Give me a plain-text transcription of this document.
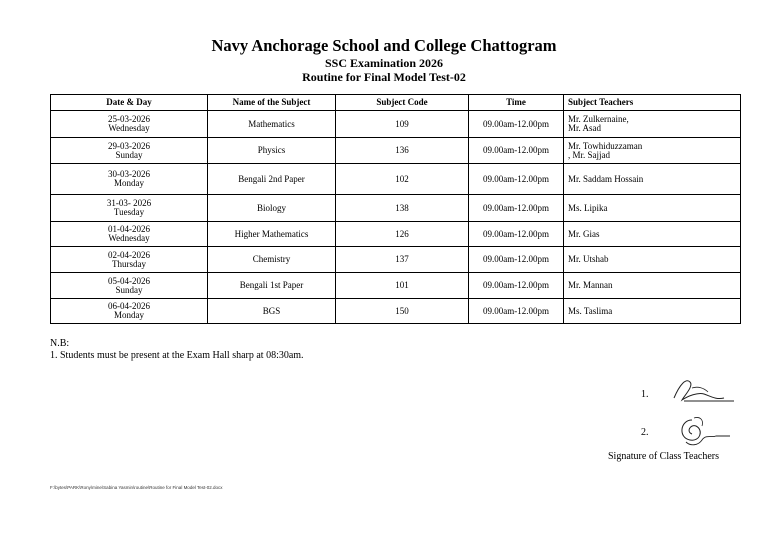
Navy Anchorage School and College Chattogram
SSC Examination 2026
Routine for Final Model Test-02
Date & Day	Name of the Subject	Subject Code	Time	Subject Teachers

25-03-2026
Wednesday	Mathematics	109	09.00am-12.00pm	Mr. Zulkernaine,
Mr. Asad

29-03-2026
Sunday	Physics	136	09.00am-12.00pm	Mr. Towhiduzzaman
, Mr. Sajjad

30-03-2026
Monday	Bengali 2nd Paper	102	09.00am-12.00pm	Mr. Saddam Hossain

31-03- 2026
Tuesday	Biology	138	09.00am-12.00pm	Ms. Lipika

01-04-2026
Wednesday	Higher Mathematics	126	09.00am-12.00pm	Mr. Gias

02-04-2026
Thursday	Chemistry	137	09.00am-12.00pm	Mr. Utshab

05-04-2026
Sunday	Bengali 1st Paper	101	09.00am-12.00pm	Mr. Mannan

06-04-2026
Monday	BGS	150	09.00am-12.00pm	Ms. Taslima
N.B:
1. Students must be present at the Exam Hall sharp at 08:30am.
1.
2.
Signature of Class Teachers
F:\bytes\PARK\Rony\mine\Sabina Yasmin\routine\Routine for Final Model Test-02.docx
